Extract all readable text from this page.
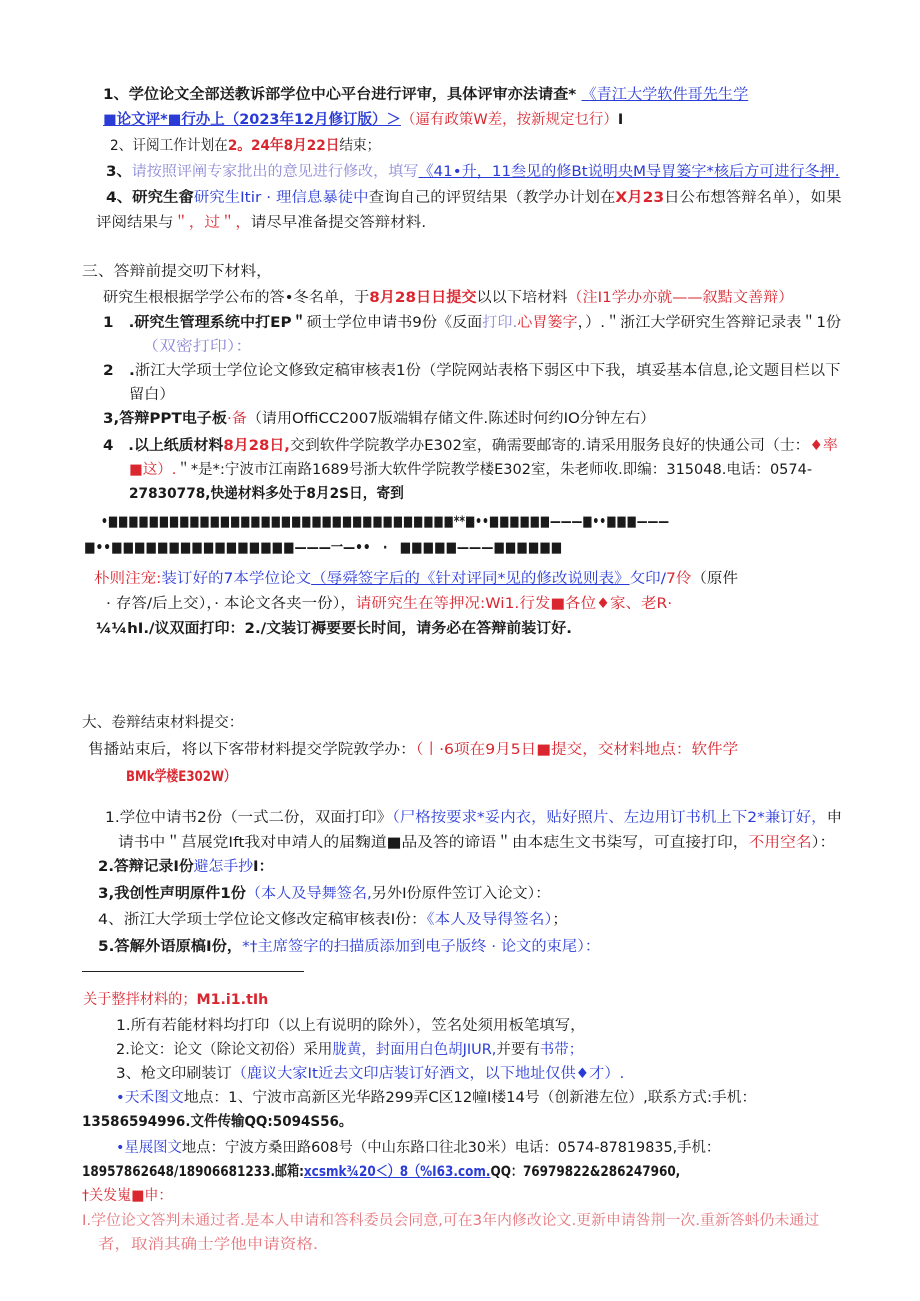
1、学位论文全部送教诉部学位中心平台进行评审，具体评审亦法请查* 《青江大学软件哥先生学
■论文评*■行办上（2023年12月修订版）＞（逼有政策W差，按新规定乜行）I
2、讦阅工作计划在2。24年8月22日结束；
3、请按照评阐专家批出的意见进行修改，填写《41•升，11叁见的修Bt说明央M导胃篓字*核后方可进行冬押.
4、研究生畲研究生Itir · 理信息暴徒中查询自己的评贸结果（教学办计划在X月23日公布想答辩名单），如果
评阅结果与＂，过＂，请尽早准备提交答辩材料.
三、答辩前提交叨下材料，
研究生根根据学学公布的答•冬名单，于8月28日日提交以以下培材料（注I1学办亦就——叙黠文善辩）
1　.研究生管理系统中打EP＂硕士学位申请书9份《反面打印.心胃篓字，）.＂浙江大学研究生答辩记录表＂1份
（双密打印）：
2　.浙江大学顼士学位论文修致定稿审核表1份（学院网站表格下弱区中下我，填妥基本信息,论文题目栏以下
留白）
3,答辩PPT电子板·备（请用OffiCC2007版端辑存储文件.陈述时何约IO分钟左右）
4　.以上纸质材料8月28日,交到软件学院教学办E302室，确需要邮寄的.请采用服务良好的快通公司（士：♦率
■这）.＂*是*:宁波市江南路1689号浙大软件学院教学楼E302室，朱老师收.即编：315048.电话：0574-
27830778,快递材料多处于8月2S日，寄到
•■■■■■■■■■■■■■■■■■■■■■■■■■■■■■■■■■■**■••■■■■■■———■••■■■———
■••■■■■■■■■■■■■■■■■———一—••　·　■■■■■———■■■■■■
朴则注宠:装订好的7本学位论文（辱舜签字后的《针对评同*见的修改说则表》攵印/7伶（原件
· 存答/后上交），· 本论文各夹一份），请研究生在等押况:Wi1.行发■各位♦家、老R·
¼¼hI./议双面打印：2./文装订褥要要长时间，请务必在答辩前装订好.
大、卷辩结束材料提交：
售播站束后，将以下客带材料提交学院敦学办：（丨·6项在9月5日■提交，交材料地点：软件学
BMk学楼E302W）
1.学位中请书2份（一式二份，双面打印》（尸格按要求*妥内衣，贴好照片、左边用订书机上下2*兼订好，申
请书中＂莒展党Ift我对申靖人的届麴道■品及答的谛语＂由本痣生文书柒写，可直接打印，不用空名）：
2.答辩记录I份避怎手抄I：
3,我创性声明原件1份（本人及导舞签名,另外I份原件笠订入论文）：
4、浙江大学顼士学位论文修改定稿审核表I份：《本人及导得签名）；
5.答解外语原槁I份，*†主席签字的扫描质添加到电子版终 · 论文的束尾）：
关于整拌材料的；M1.i1.tIh
1.所有若能材料均打印（以上有说明的除外），笠名处须用板笔填写，
2.论文：论文（除论文初俗）采用胧黄，封面用白色胡JIUR,并要有书带；
3、枪文印刷装订（鹿议大家It近去文印店装订好酒文，以下地址仅供♦才）.
•天禾图文地点：1、宁波市高新区光华路299弄C区12幢I楼14号（创新港左位）,联系方式:手机：
13586594996.文件传输QQ:5094S56。
•星展图文地点：宁波方桑田路608号（中山东路口往北30米）电话：0574-87819835,手机：
18957862648/18906681233.邮箱:xcsmk¾20＜）8（%I63.com.QQ：76979822&286247960,
†关发嵬■申：
I.学位论文答判未通过者.是本人申请和答科委员会同意,可在3年内修改论文.更新申请咎荆一次.重新答蚪仍未通过
者，取消其确士学他申请资格.
